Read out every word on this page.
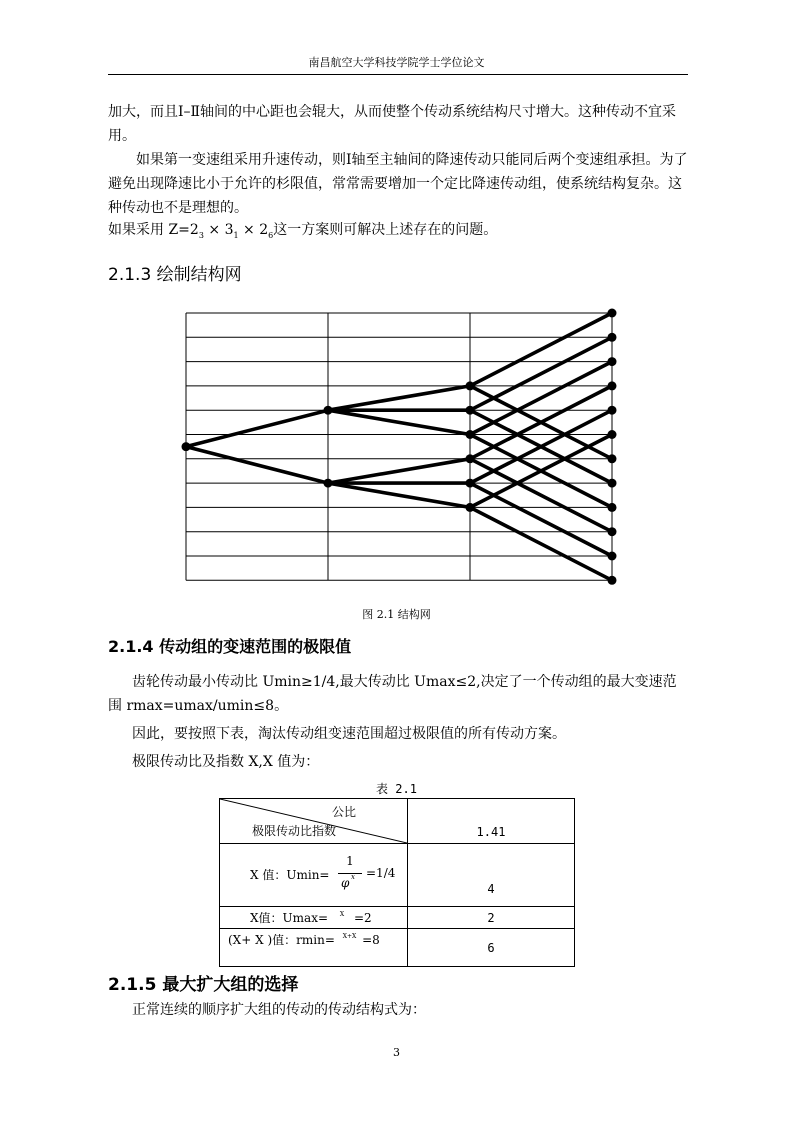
南昌航空大学科技学院学士学位论文
加大，而且Ⅰ–Ⅱ轴间的中心距也会辊大，从而使整个传动系统结构尺寸增大。这种传动不宜采用。
如果第一变速组采用升速传动，则Ⅰ轴至主轴间的降速传动只能同后两个变速组承担。为了避免出现降速比小于允许的杉限值，常常需要增加一个定比降速传动组，使系统结构复杂。这种传动也不是理想的。
如果采用 $Z=2_3 \times 3_1 \times 2_6$这一方案则可解决上述存在的问题。
2.1.3 绘制结构网
图 2.1 结构网
2.1.4 传动组的变速范围的极限值
齿轮传动最小传动比 Umin≥1/4,最大传动比 Umax≤2,决定了一个传动组的最大变速范围 rmax=umax/umin≤8。
因此，要按照下表，淘汰传动组变速范围超过极限值的所有传动方案。
极限传动比及指数 X,X 值为：
表 2.1
公比
极限传动比指数	1.41

X 值：Umin=
1
φ x =1/4	4
X值：Umax= $^X$ =2	2
(X+ X )值：rmin= $^{X+X}$ =8	6
2.1.5 最大扩大组的选择
正常连续的顺序扩大组的传动的传动结构式为：
3
